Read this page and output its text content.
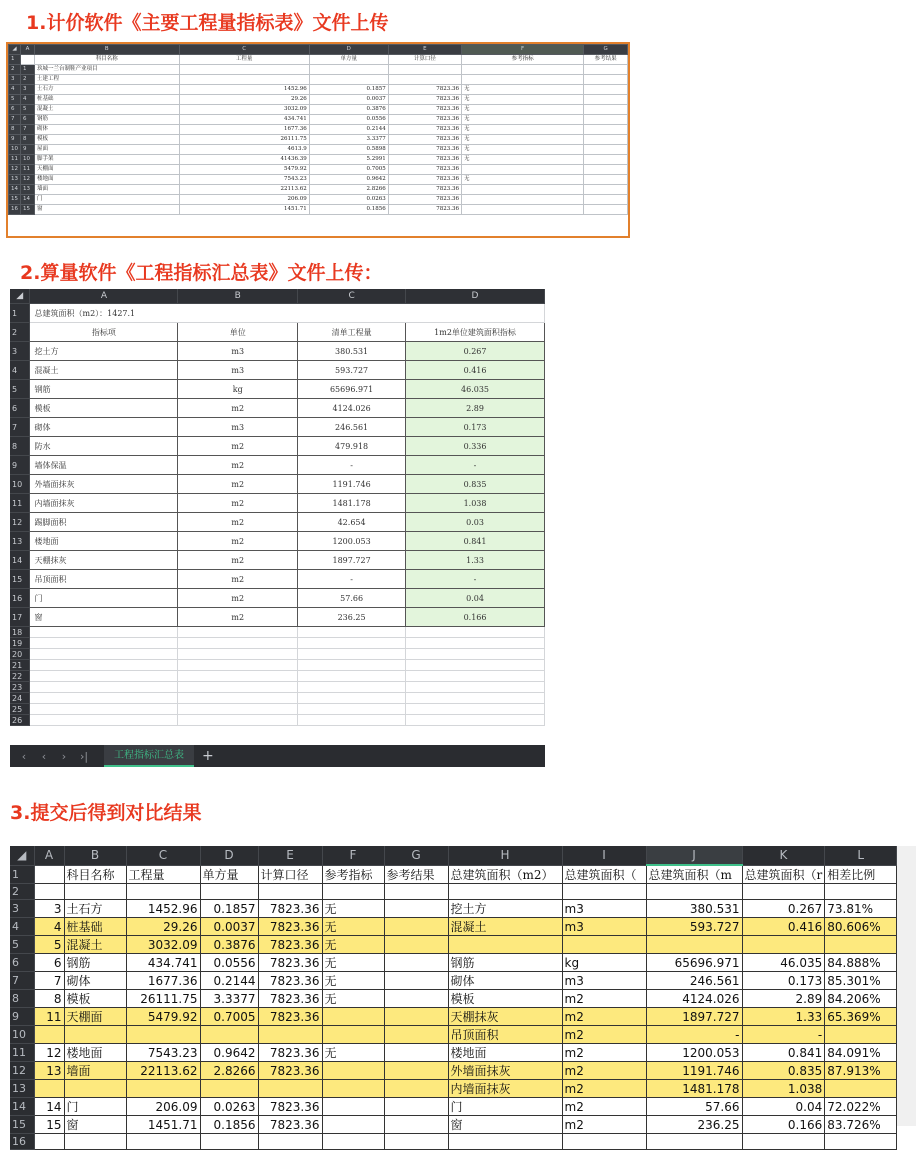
1.计价软件《主要工程量指标表》文件上传
2.算量软件《工程指标汇总表》文件上传：
3.提交后得到对比结果
◢	A	B	C	D	E	F	G
1		科目名称	工程量	单方量	计算口径	参考指标	参考结果
2	1	玖城一兰台制鞋产业项目					
3	2	土建工程					
4	3	土石方	1452.96	0.1857	7823.36	无	
5	4	桩基础	29.26	0.0037	7823.36	无	
6	5	混凝土	3032.09	0.3876	7823.36	无	
7	6	钢筋	434.741	0.0556	7823.36	无	
8	7	砌体	1677.36	0.2144	7823.36	无	
9	8	模板	26111.75	3.3377	7823.36	无	
10	9	屋面	4613.9	0.5898	7823.36	无	
11	10	脚手架	41436.39	5.2991	7823.36	无	
12	11	天棚面	5479.92	0.7005	7823.36		
13	12	楼地面	7543.23	0.9642	7823.36	无	
14	13	墙面	22113.62	2.8266	7823.36		
15	14	门	206.09	0.0263	7823.36		
16	15	窗	1451.71	0.1856	7823.36		
◢	A	B	C	D
1	总建筑面积（m2）：1427.1			
2	指标项	单位	清单工程量	1m2单位建筑面积指标
3	挖土方	m3	380.531	0.267
4	混凝土	m3	593.727	0.416
5	钢筋	kg	65696.971	46.035
6	模板	m2	4124.026	2.89
7	砌体	m3	246.561	0.173
8	防水	m2	479.918	0.336
9	墙体保温	m2	-	-
10	外墙面抹灰	m2	1191.746	0.835
11	内墙面抹灰	m2	1481.178	1.038
12	踢脚面积	m2	42.654	0.03
13	楼地面	m2	1200.053	0.841
14	天棚抹灰	m2	1897.727	1.33
15	吊顶面积	m2	-	-
16	门	m2	57.66	0.04
17	窗	m2	236.25	0.166
18				
19				
20				
21				
22				
23				
24				
25				
26				
‹	‹	›	›|	工程指标汇总表	+
◢	A	B	C	D	E	F	G	H	I	J	K	L
1		科目名称	工程量	单方量	计算口径	参考指标	参考结果	总建筑面积（m2）	总建筑面积（	总建筑面积（m	总建筑面积（r	相差比例
2												
3	3	土石方	1452.96	0.1857	7823.36	无		挖土方	m3	380.531	0.267	73.81%
4	4	桩基础	29.26	0.0037	7823.36	无		混凝土	m3	593.727	0.416	80.606%
5	5	混凝土	3032.09	0.3876	7823.36	无						
6	6	钢筋	434.741	0.0556	7823.36	无		钢筋	kg	65696.971	46.035	84.888%
7	7	砌体	1677.36	0.2144	7823.36	无		砌体	m3	246.561	0.173	85.301%
8	8	模板	26111.75	3.3377	7823.36	无		模板	m2	4124.026	2.89	84.206%
9	11	天棚面	5479.92	0.7005	7823.36			天棚抹灰	m2	1897.727	1.33	65.369%
10								吊顶面积	m2	-	-	
11	12	楼地面	7543.23	0.9642	7823.36	无		楼地面	m2	1200.053	0.841	84.091%
12	13	墙面	22113.62	2.8266	7823.36			外墙面抹灰	m2	1191.746	0.835	87.913%
13								内墙面抹灰	m2	1481.178	1.038	
14	14	门	206.09	0.0263	7823.36			门	m2	57.66	0.04	72.022%
15	15	窗	1451.71	0.1856	7823.36			窗	m2	236.25	0.166	83.726%
16												
